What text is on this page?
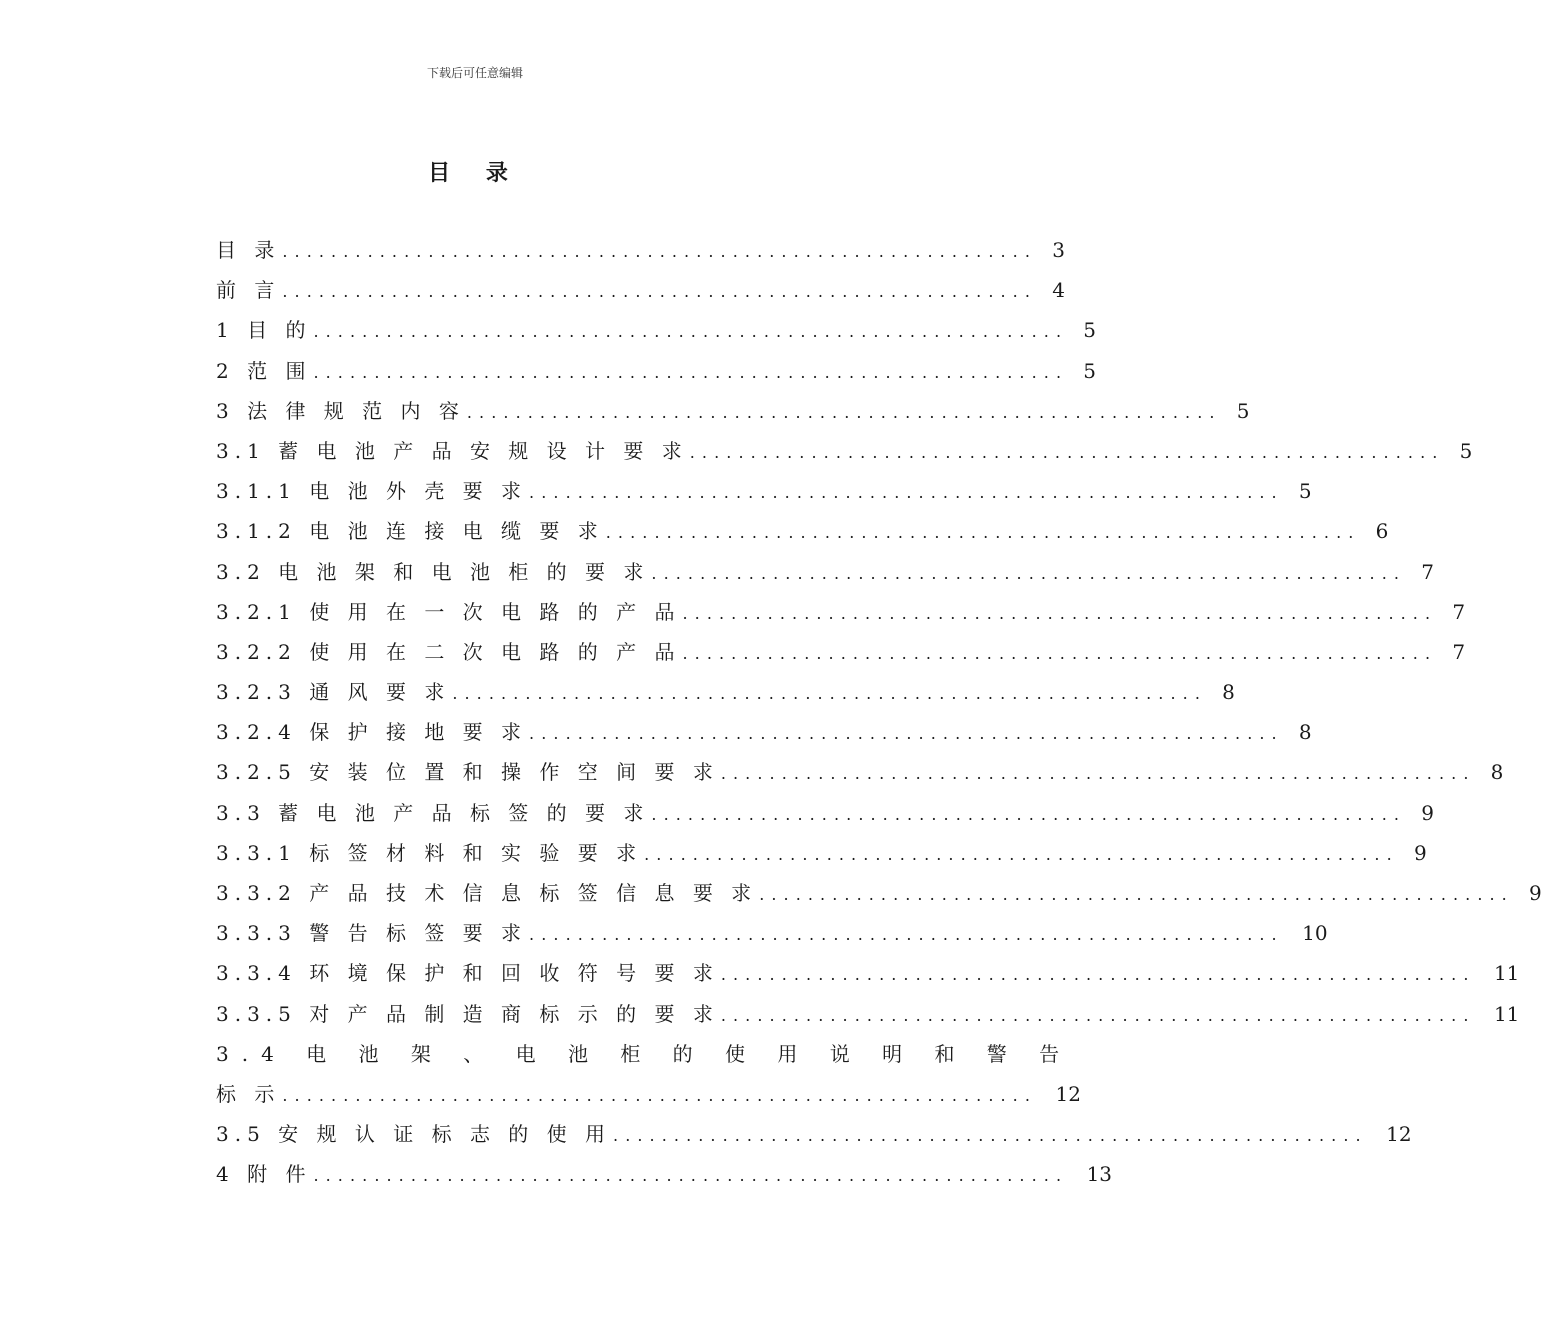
下载后可任意编辑
目 录
目 录 . . .	3
前 言 . . .	4
1 目 的 . . .	5
2 范 围 . . .	5
3 法 律 规 范 内 容 . . .	5
3.1 蓄 电 池 产 品 安 规 设 计 要 求 . . .	5
3.1.1 电 池 外 壳 要 求 . . .	5
3.1.2 电 池 连 接 电 缆 要 求 . . .	6
3.2 电 池 架 和 电 池 柜 的 要 求 . . .	7
3.2.1 使 用 在 一 次 电 路 的 产 品 . . .	7
3.2.2 使 用 在 二 次 电 路 的 产 品 . . .	7
3.2.3 通 风 要 求 . . .	8
3.2.4 保 护 接 地 要 求 . . .	8
3.2.5 安 装 位 置 和 操 作 空 间 要 求 . . .	8
3.3 蓄 电 池 产 品 标 签 的 要 求 . . .	9
3.3.1 标 签 材 料 和 实 验 要 求 . . .	9
3.3.2 产 品 技 术 信 息 标 签 信 息 要 求 . . .	9
3.3.3 警 告 标 签 要 求 . . .	10
3.3.4 环 境 保 护 和 回 收 符 号 要 求 . . .	11
3.3.5 对 产 品 制 造 商 标 示 的 要 求 . . .	11
3.4 电 池 架 、 电 池 柜 的 使 用 说 明 和 警 告
标 示 . . .	12
3.5 安 规 认 证 标 志 的 使 用 . . .	12
4 附 件 . . .	13
